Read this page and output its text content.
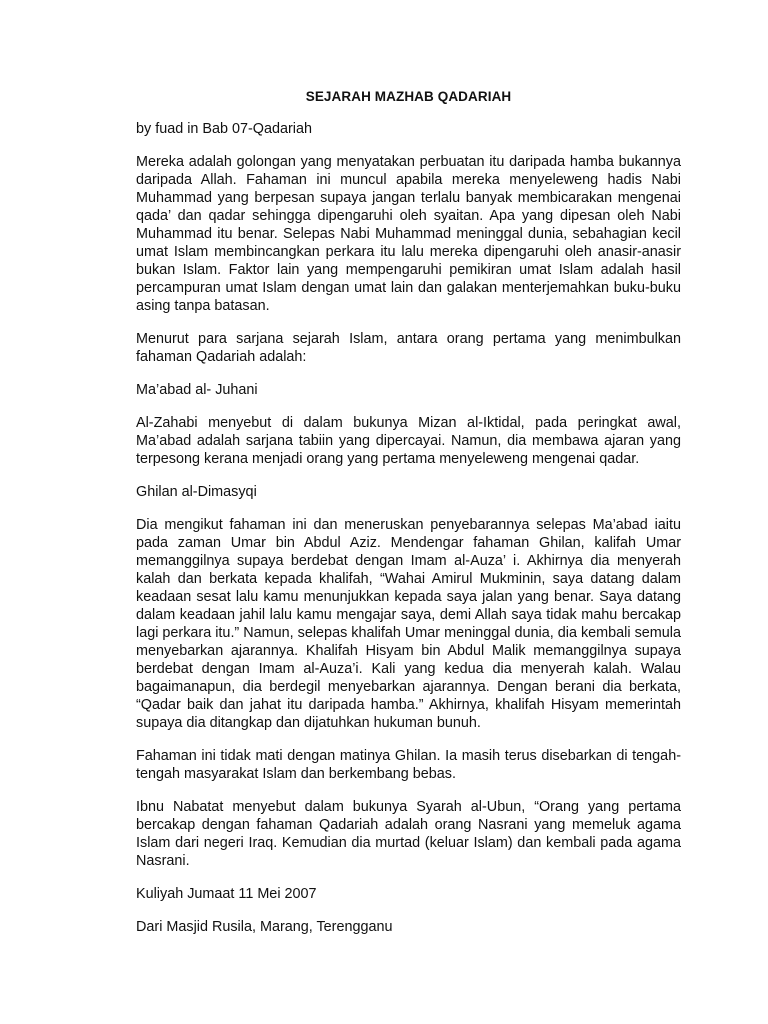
SEJARAH MAZHAB QADARIAH

by fuad in Bab 07-Qadariah

Mereka adalah golongan yang menyatakan perbuatan itu daripada hamba bukannya daripada Allah. Fahaman ini muncul apabila mereka menyeleweng hadis Nabi Muhammad yang berpesan supaya jangan terlalu banyak membicarakan mengenai qada’ dan qadar sehingga dipengaruhi oleh syaitan. Apa yang dipesan oleh Nabi Muhammad itu benar. Selepas Nabi Muhammad meninggal dunia, sebahagian kecil umat Islam membincangkan perkara itu lalu mereka dipengaruhi oleh anasir-anasir bukan Islam. Faktor lain yang mempengaruhi pemikiran umat Islam adalah hasil percampuran umat Islam dengan umat lain dan galakan menterjemahkan buku-buku asing tanpa batasan.

Menurut para sarjana sejarah Islam, antara orang pertama yang menimbulkan fahaman Qadariah adalah:

Ma’abad al- Juhani

Al-Zahabi menyebut di dalam bukunya Mizan al-Iktidal, pada peringkat awal, Ma’abad adalah sarjana tabiin yang dipercayai. Namun, dia membawa ajaran yang terpesong kerana menjadi orang yang pertama menyeleweng mengenai qadar.

Ghilan al-Dimasyqi

Dia mengikut fahaman ini dan meneruskan penyebarannya selepas Ma’abad iaitu pada zaman Umar bin Abdul Aziz. Mendengar fahaman Ghilan, kalifah Umar memanggilnya supaya berdebat dengan Imam al-Auza’ i. Akhirnya dia menyerah kalah dan berkata kepada khalifah, “Wahai Amirul Mukminin, saya datang dalam keadaan sesat lalu kamu menunjukkan kepada saya jalan yang benar. Saya datang dalam keadaan jahil lalu kamu mengajar saya, demi Allah saya tidak mahu bercakap lagi perkara itu.” Namun, selepas khalifah Umar meninggal dunia, dia kembali semula menyebarkan ajarannya. Khalifah Hisyam bin Abdul Malik memanggilnya supaya berdebat dengan Imam al-Auza’i. Kali yang kedua dia menyerah kalah. Walau bagaimanapun, dia berdegil menyebarkan ajarannya. Dengan berani dia berkata, “Qadar baik dan jahat itu daripada hamba.” Akhirnya, khalifah Hisyam memerintah supaya dia ditangkap dan dijatuhkan hukuman bunuh.

Fahaman ini tidak mati dengan matinya Ghilan. Ia masih terus disebarkan di tengah-tengah masyarakat Islam dan berkembang bebas.

Ibnu Nabatat menyebut dalam bukunya Syarah al-Ubun, “Orang yang pertama bercakap dengan fahaman Qadariah adalah orang Nasrani yang memeluk agama Islam dari negeri Iraq. Kemudian dia murtad (keluar Islam) dan kembali pada agama Nasrani.

Kuliyah Jumaat 11 Mei 2007

Dari Masjid Rusila, Marang, Terengganu
